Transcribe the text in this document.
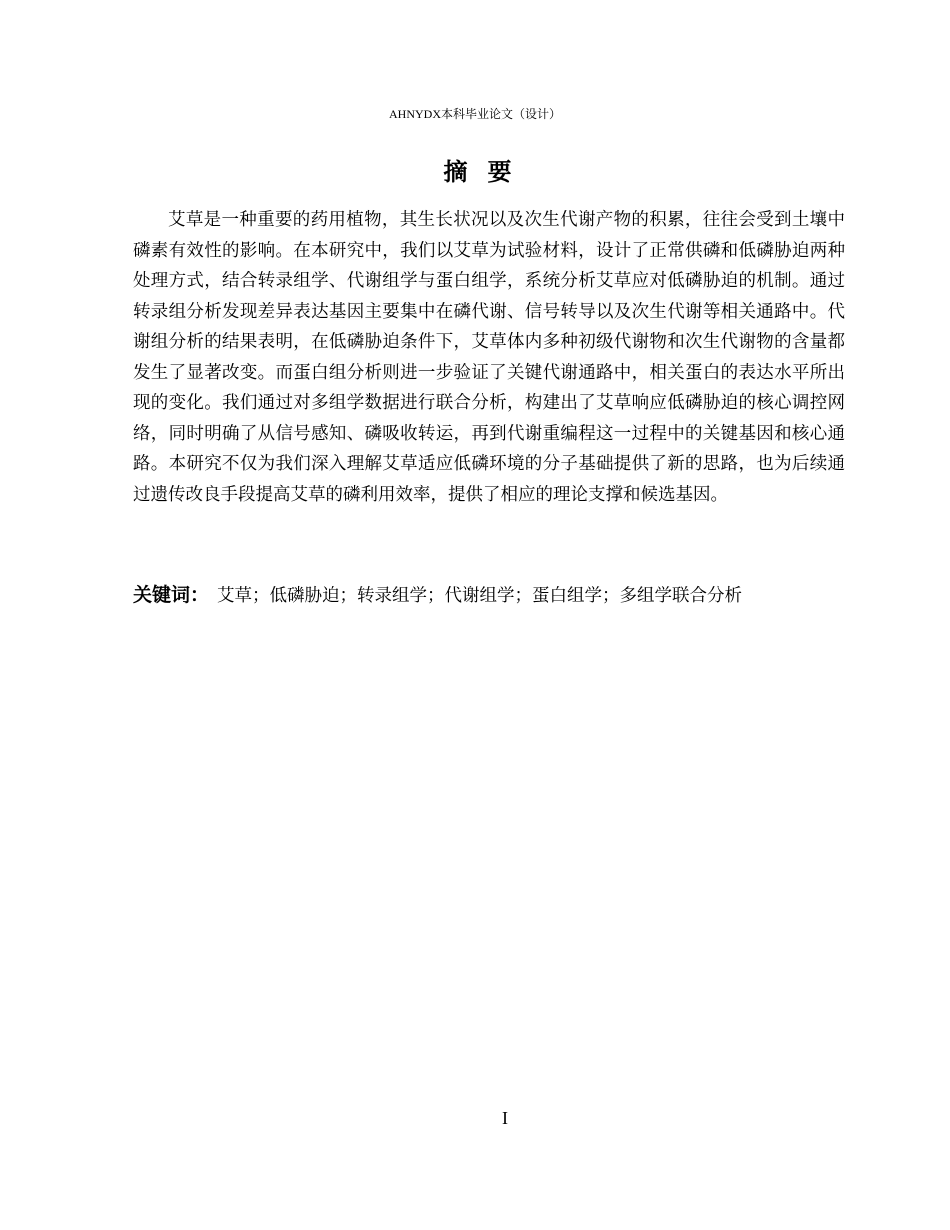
AHNYDX本科毕业论文（设计）
摘要

艾草是一种重要的药用植物，其生长状况以及次生代谢产物的积累，往往会受到土壤中磷素有效性的影响。在本研究中，我们以艾草为试验材料，设计了正常供磷和低磷胁迫两种处理方式，结合转录组学、代谢组学与蛋白组学，系统分析艾草应对低磷胁迫的机制。通过转录组分析发现差异表达基因主要集中在磷代谢、信号转导以及次生代谢等相关通路中。代谢组分析的结果表明，在低磷胁迫条件下，艾草体内多种初级代谢物和次生代谢物的含量都发生了显著改变。而蛋白组分析则进一步验证了关键代谢通路中，相关蛋白的表达水平所出现的变化。我们通过对多组学数据进行联合分析，构建出了艾草响应低磷胁迫的核心调控网络，同时明确了从信号感知、磷吸收转运，再到代谢重编程这一过程中的关键基因和核心通路。本研究不仅为我们深入理解艾草适应低磷环境的分子基础提供了新的思路，也为后续通过遗传改良手段提高艾草的磷利用效率，提供了相应的理论支撑和候选基因。

关键词： 艾草；低磷胁迫；转录组学；代谢组学；蛋白组学；多组学联合分析
I
